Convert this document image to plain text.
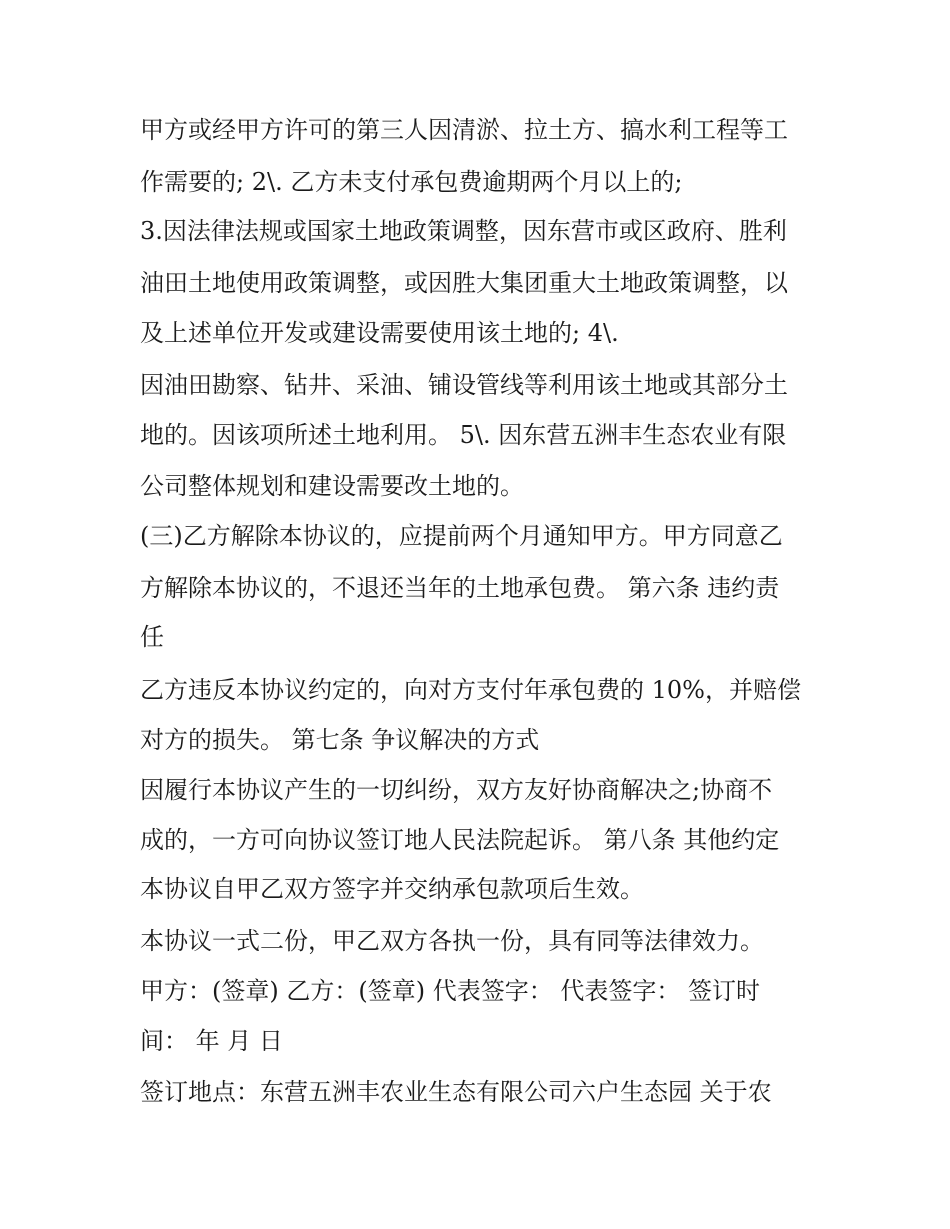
甲方或经甲方许可的第三人因清淤、拉土方、搞水利工程等工
作需要的; 2\. 乙方未支付承包费逾期两个月以上的;
3.因法律法规或国家土地政策调整，因东营市或区政府、胜利
油田土地使用政策调整，或因胜大集团重大土地政策调整，以
及上述单位开发或建设需要使用该土地的; 4\.
因油田勘察、钻井、采油、铺设管线等利用该土地或其部分土
地的。因该项所述土地利用。 5\. 因东营五洲丰生态农业有限
公司整体规划和建设需要改土地的。
(三)乙方解除本协议的，应提前两个月通知甲方。甲方同意乙
方解除本协议的，不退还当年的土地承包费。 第六条 违约责
任
乙方违反本协议约定的，向对方支付年承包费的 10%，并赔偿
对方的损失。 第七条 争议解决的方式
因履行本协议产生的一切纠纷，双方友好协商解决之;协商不
成的，一方可向协议签订地人民法院起诉。 第八条 其他约定
本协议自甲乙双方签字并交纳承包款项后生效。
本协议一式二份，甲乙双方各执一份，具有同等法律效力。
甲方：(签章) 乙方：(签章) 代表签字： 代表签字： 签订时
间： 年 月 日
签订地点：东营五洲丰农业生态有限公司六户生态园 关于农
